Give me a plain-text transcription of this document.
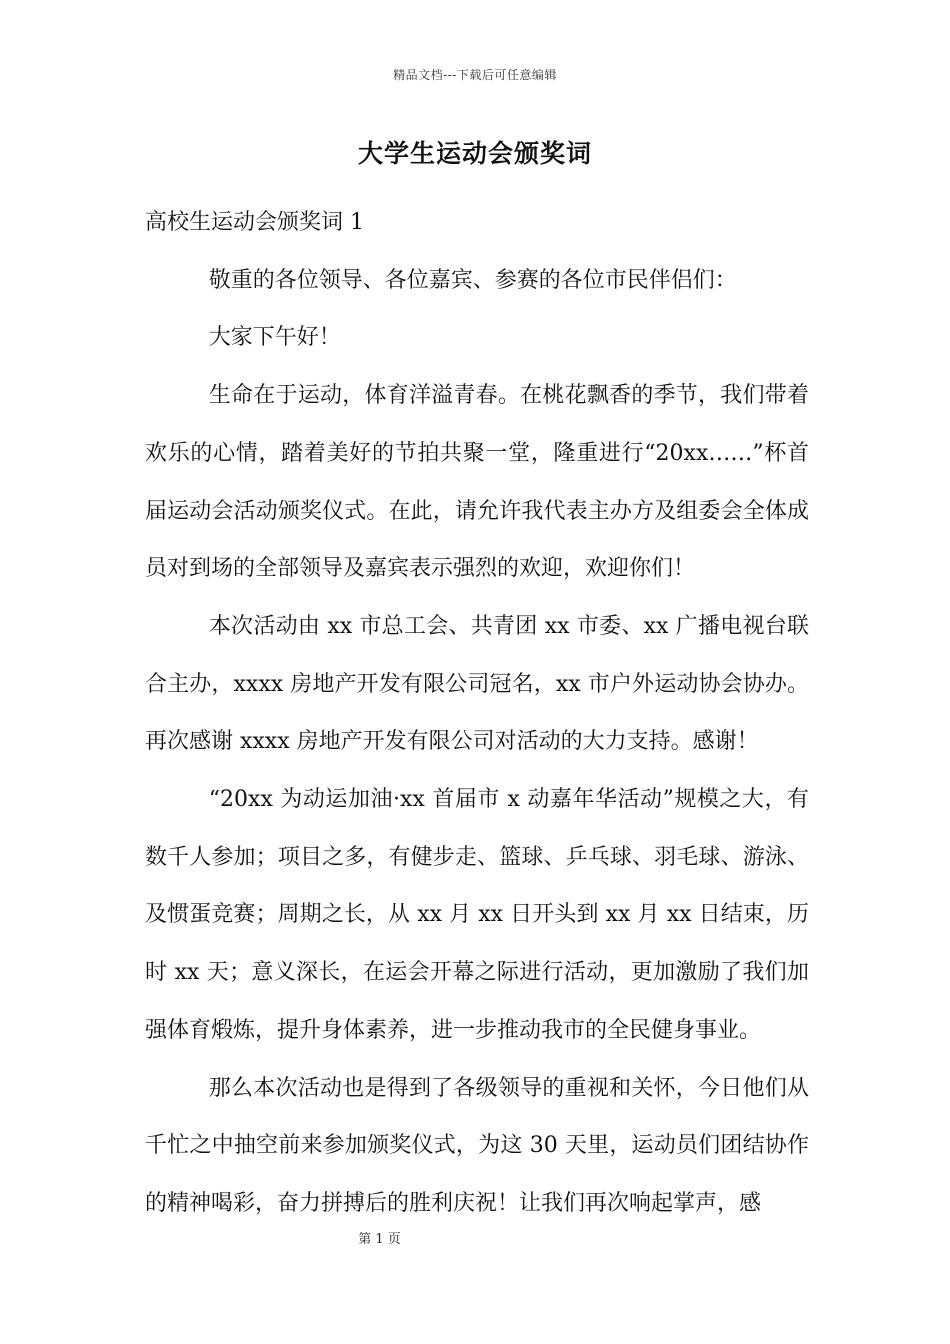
精品文档---下载后可任意编辑
大学生运动会颁奖词

高校生运动会颁奖词 1

敬重的各位领导、各位嘉宾、参赛的各位市民伴侣们：

大家下午好！

生命在于运动，体育洋溢青春。在桃花飘香的季节，我们带着欢乐的心情，踏着美好的节拍共聚一堂，隆重进行“20xx……”杯首届运动会活动颁奖仪式。在此，请允许我代表主办方及组委会全体成员对到场的全部领导及嘉宾表示强烈的欢迎，欢迎你们！

本次活动由 xx 市总工会、共青团 xx 市委、xx 广播电视台联合主办，xxxx 房地产开发有限公司冠名，xx 市户外运动协会协办。再次感谢 xxxx 房地产开发有限公司对活动的大力支持。感谢！

“20xx 为动运加油·xx 首届市 x 动嘉年华活动”规模之大，有数千人参加；项目之多，有健步走、篮球、乒乓球、羽毛球、游泳、及惯蛋竞赛；周期之长，从 xx 月 xx 日开头到 xx 月 xx 日结束，历时 xx 天；意义深长，在运会开幕之际进行活动，更加激励了我们加强体育煅炼，提升身体素养，进一步推动我市的全民健身事业。

那么本次活动也是得到了各级领导的重视和关怀，今日他们从千忙之中抽空前来参加颁奖仪式，为这 30 天里，运动员们团结协作的精神喝彩，奋力拼搏后的胜利庆祝！让我们再次响起掌声，感

第 1 页
